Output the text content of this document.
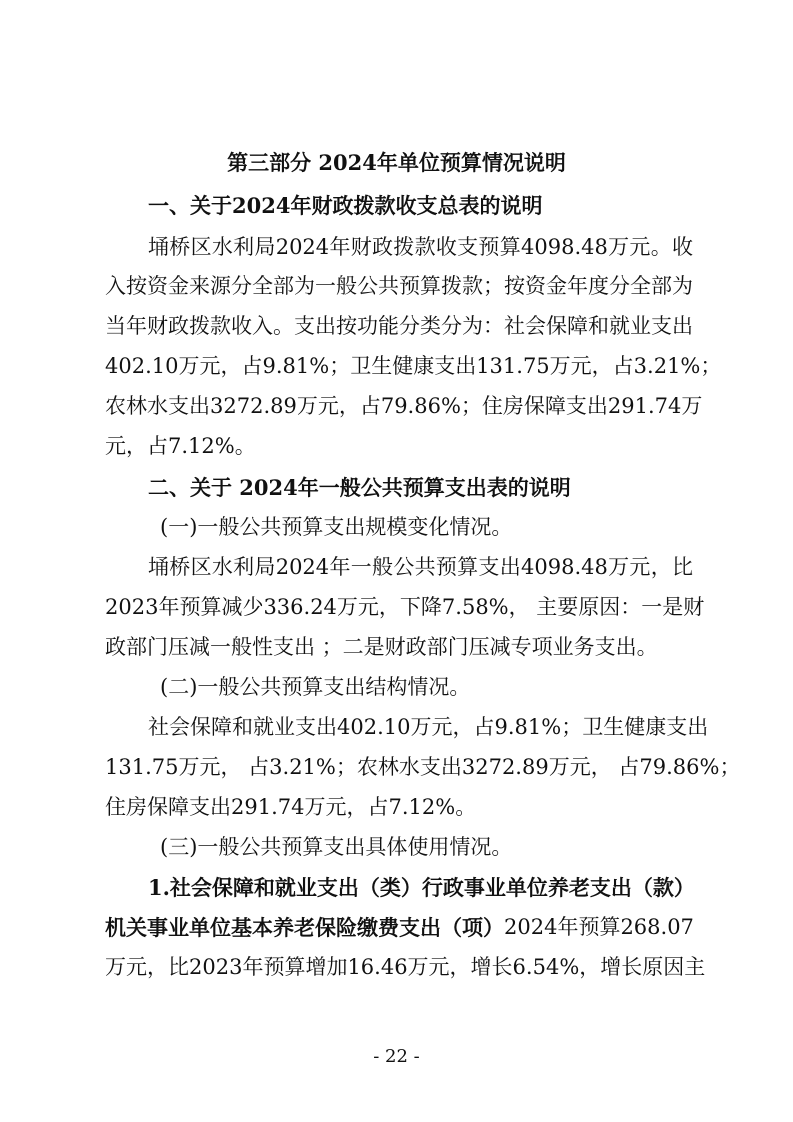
第三部分 2024年单位预算情况说明
一、关于2024年财政拨款收支总表的说明
埇桥区水利局2024年财政拨款收支预算4098.48万元。收
入按资金来源分全部为一般公共预算拨款；按资金年度分全部为
当年财政拨款收入。支出按功能分类分为：社会保障和就业支出
402.10万元，占9.81%；卫生健康支出131.75万元，占3.21%；
农林水支出3272.89万元，占79.86%；住房保障支出291.74万
元，占7.12%。
二、关于 2024年一般公共预算支出表的说明
(一)一般公共预算支出规模变化情况。
埇桥区水利局2024年一般公共预算支出4098.48万元，比
2023年预算减少336.24万元，下降7.58%， 主要原因：一是财
政部门压减一般性支出 ；二是财政部门压减专项业务支出。
(二)一般公共预算支出结构情况。
社会保障和就业支出402.10万元，占9.81%；卫生健康支出
131.75万元， 占3.21%；农林水支出3272.89万元， 占79.86%；
住房保障支出291.74万元，占7.12%。
(三)一般公共预算支出具体使用情况。
1.社会保障和就业支出（类）行政事业单位养老支出（款）
机关事业单位基本养老保险缴费支出（项） 2024年预算268.07
万元，比2023年预算增加16.46万元，增长6.54%，增长原因主
- 22 -
